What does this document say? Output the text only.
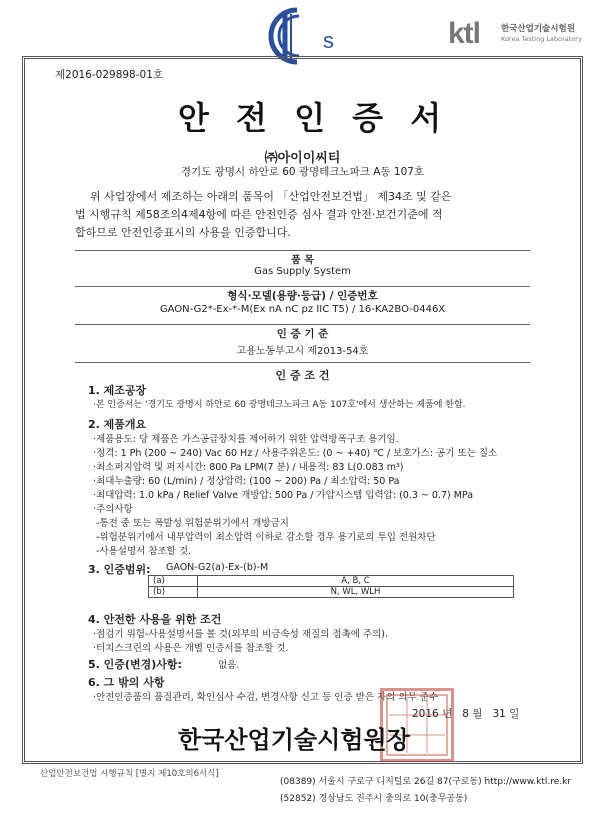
s	ktl 한국산업기술시험원
Korea Testing Laboratory
제2016-029898-01호
안 전 인 증 서
㈜아이이씨티
경기도 광명시 하안로 60 광명테크노파크 A동 107호
위 사업장에서 제조하는 아래의 품목이 「산업안전보건법」 제34조 및 같은
법 시행규칙 제58조의4제4항에 따른 안전인증 심사 결과 안전·보건기준에 적
합하므로 안전인증표시의 사용을 인증합니다.
품 목
Gas Supply System
형식·모델(용량·등급) / 인증번호
GAON-G2*-Ex-*-M(Ex nA nC pz IIC T5) / 16-KA2BO-0446X
인 증 기 준
고용노동부고시 제2013-54호
인 증 조 건
1. 제조공장
·본 인증서는 '경기도 광명시 하안로 60 광명테크노파크 A동 107호'에서 생산하는 제품에 한함.
2. 제품개요
·제품용도: 당 제품은 가스공급장치를 제어하기 위한 압력방폭구조 용기임.
·정격: 1 Ph (200 ~ 240) Vac 60 Hz / 사용주위온도: (0 ~ +40) ℃ / 보호가스: 공기 또는 질소
·최소퍼지압력 및 퍼지시간: 800 Pa LPM(7 분) / 내용적: 83 L(0.083 m³)
·최대누출량: 60 (L/min) / 정상압력: (100 ~ 200) Pa / 최소압력: 50 Pa
·최대압력: 1.0 kPa / Relief Valve 개방압: 500 Pa / 가압시스템 입력압: (0.3 ~ 0.7) MPa
·주의사항
-통전 중 또는 폭발성 위험분위기에서 개방금지
-위험분위기에서 내부압력이 최소압력 이하로 감소할 경우 용기로의 투입 전원차단
-사용설명서 참조할 것.
3. 인증범위: GAON-G2(a)-Ex-(b)-M
(a)	A, B, C
(b)	N, WL, WLH
4. 안전한 사용을 위한 조건
·점검기 위험-사용설명서를 볼 것(외부의 비금속성 재질의 접촉에 주의).
·터치스크린의 사용은 개별 인증서를 참조할 것.
5. 인증(변경)사항:	없음.
6. 그 밖의 사항
·안전인증품의 품질관리, 확인심사 수검, 변경사항 신고 등 인증 받은 자의 의무 준수
2016 년 8 월 31 일
한국산업기술시험원장
산업안전보건법 시행규칙 [별지 제10호의6서식]
(08389) 서울시 구로구 디지털로 26길 87(구로동) http://www.ktl.re.kr
(52852) 경상남도 진주시 충의로 10(충무공동)
